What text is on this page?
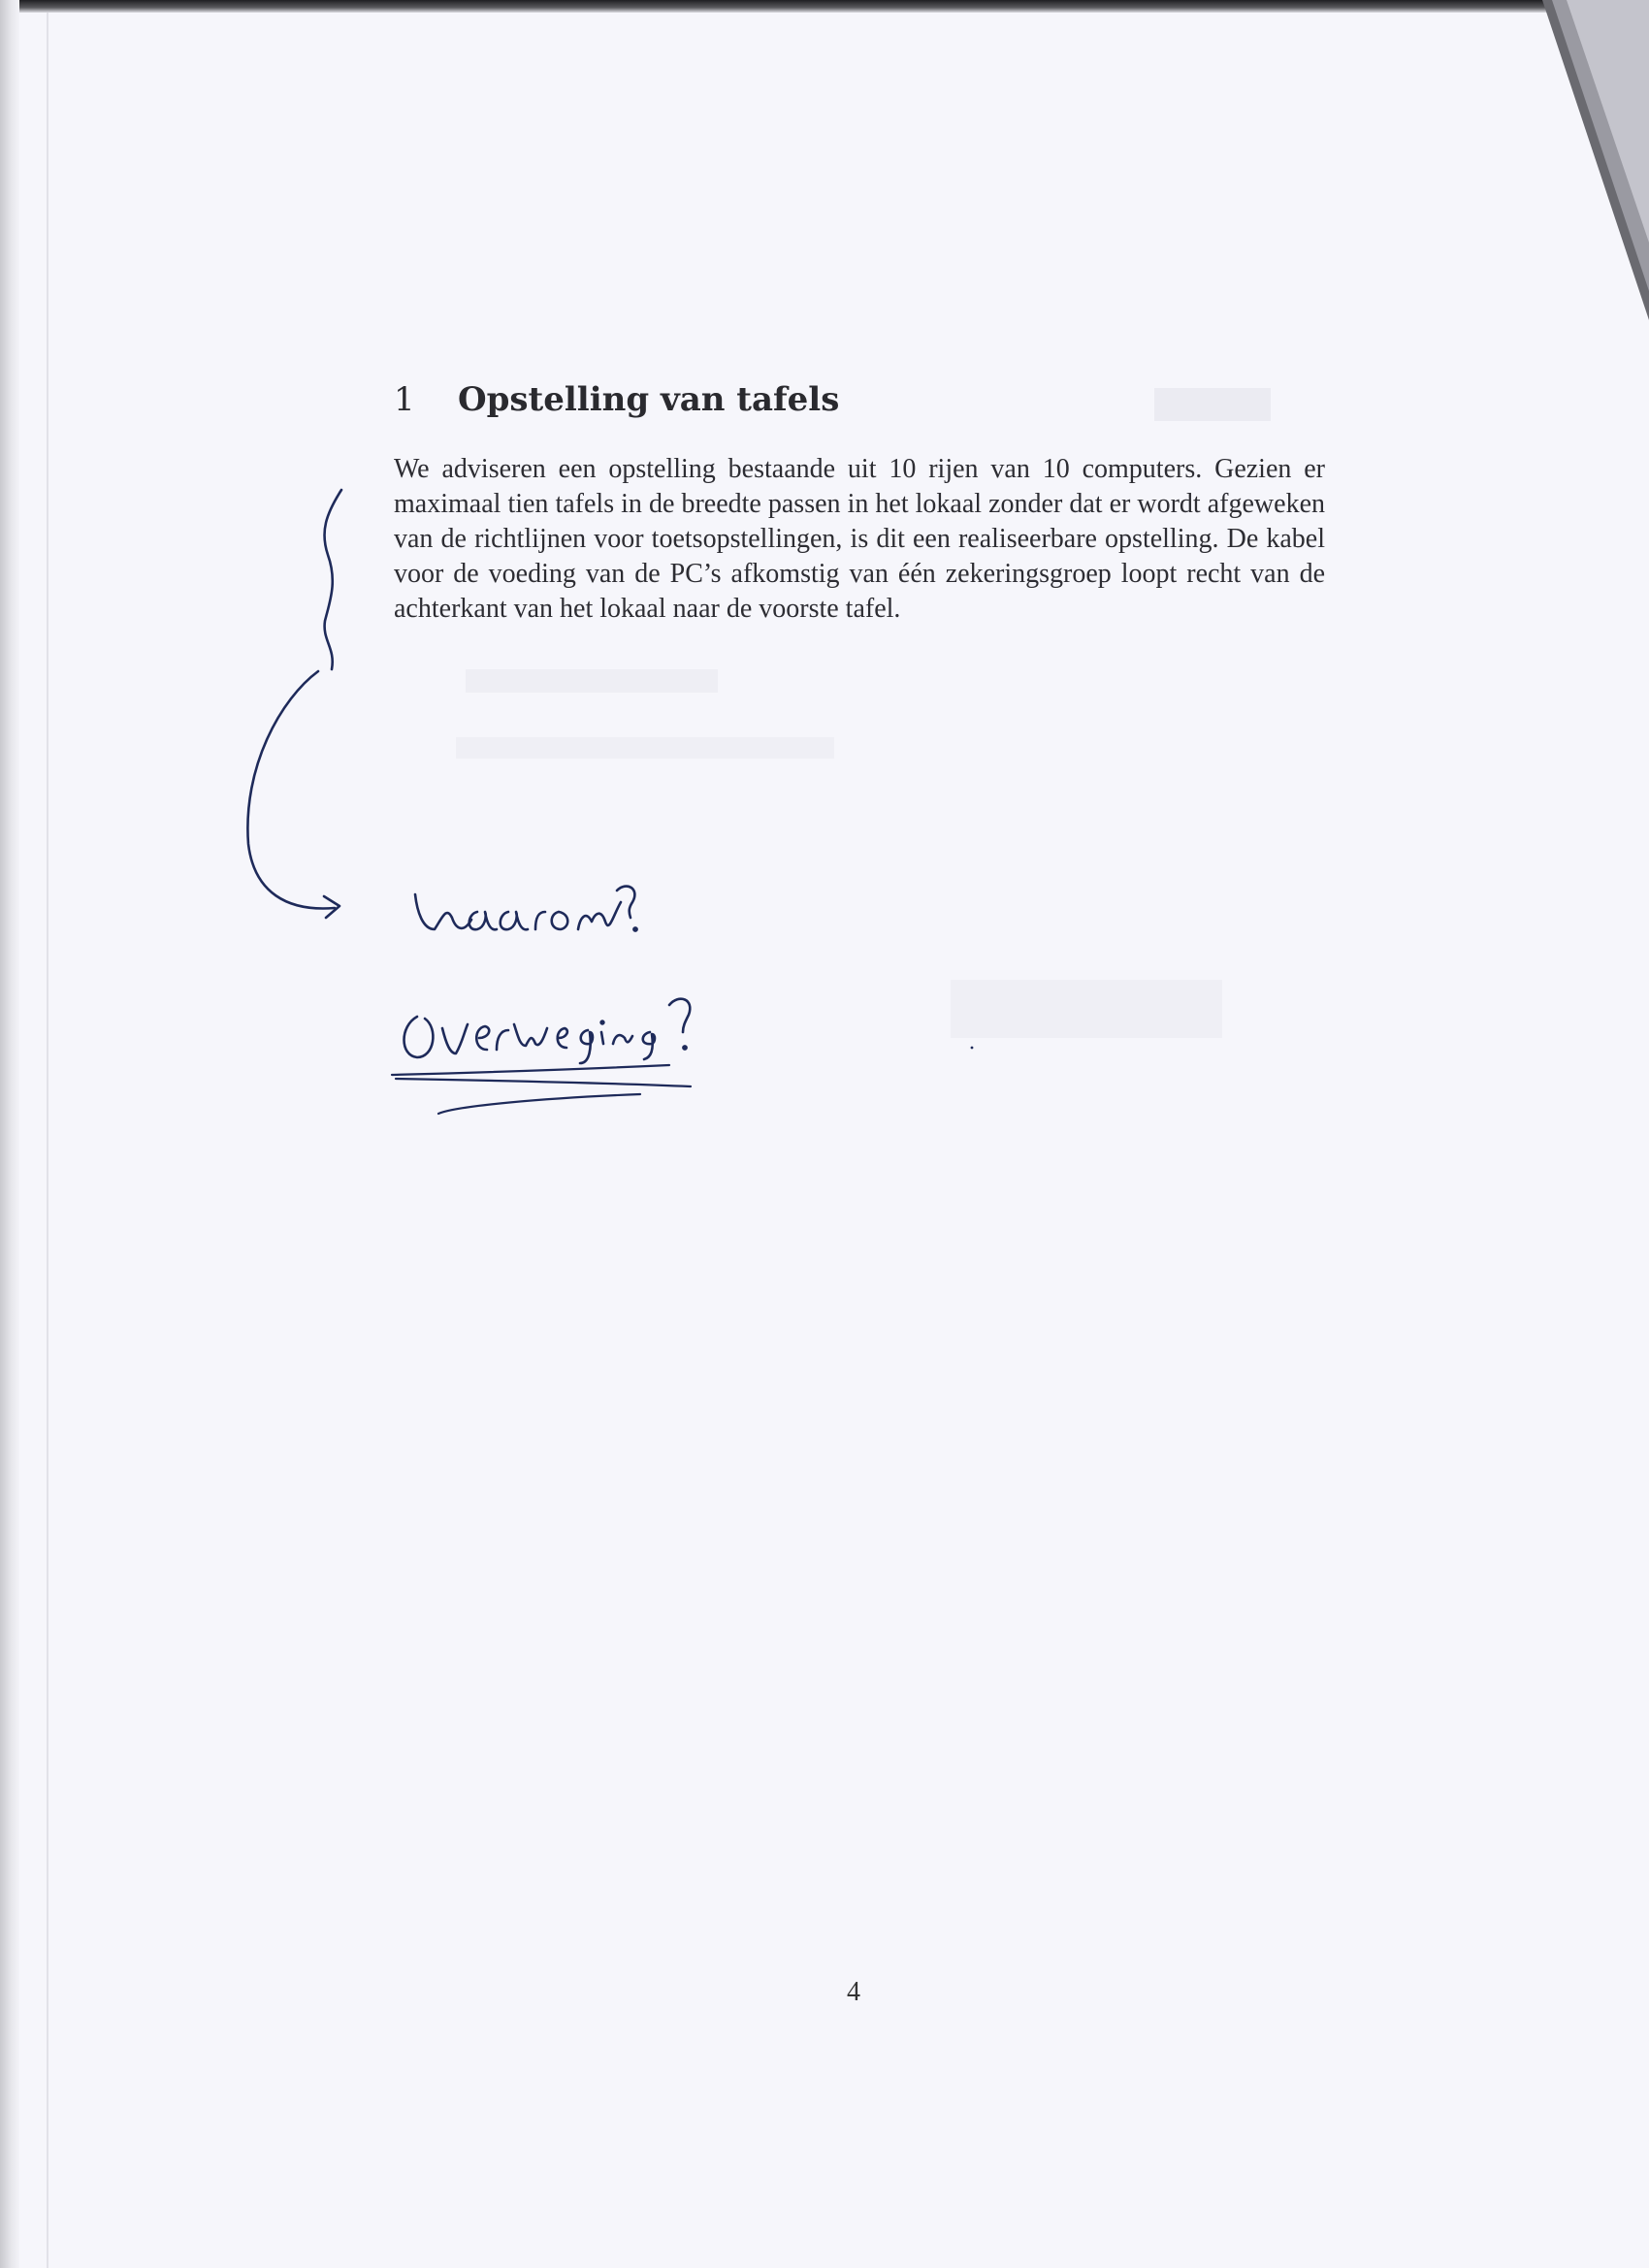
1 Opstelling van tafels

We adviseren een opstelling bestaande uit 10 rijen van 10 computers. Gezien er maximaal tien tafels in de breedte passen in het lokaal zonder dat er wordt afgeweken van de richtlijnen voor toetsopstellingen, is dit een realiseerbare opstelling. De kabel voor de voeding van de PC’s afkomstig van één zekeringsgroep loopt recht van de achterkant van het lokaal naar de voorste tafel.

4
